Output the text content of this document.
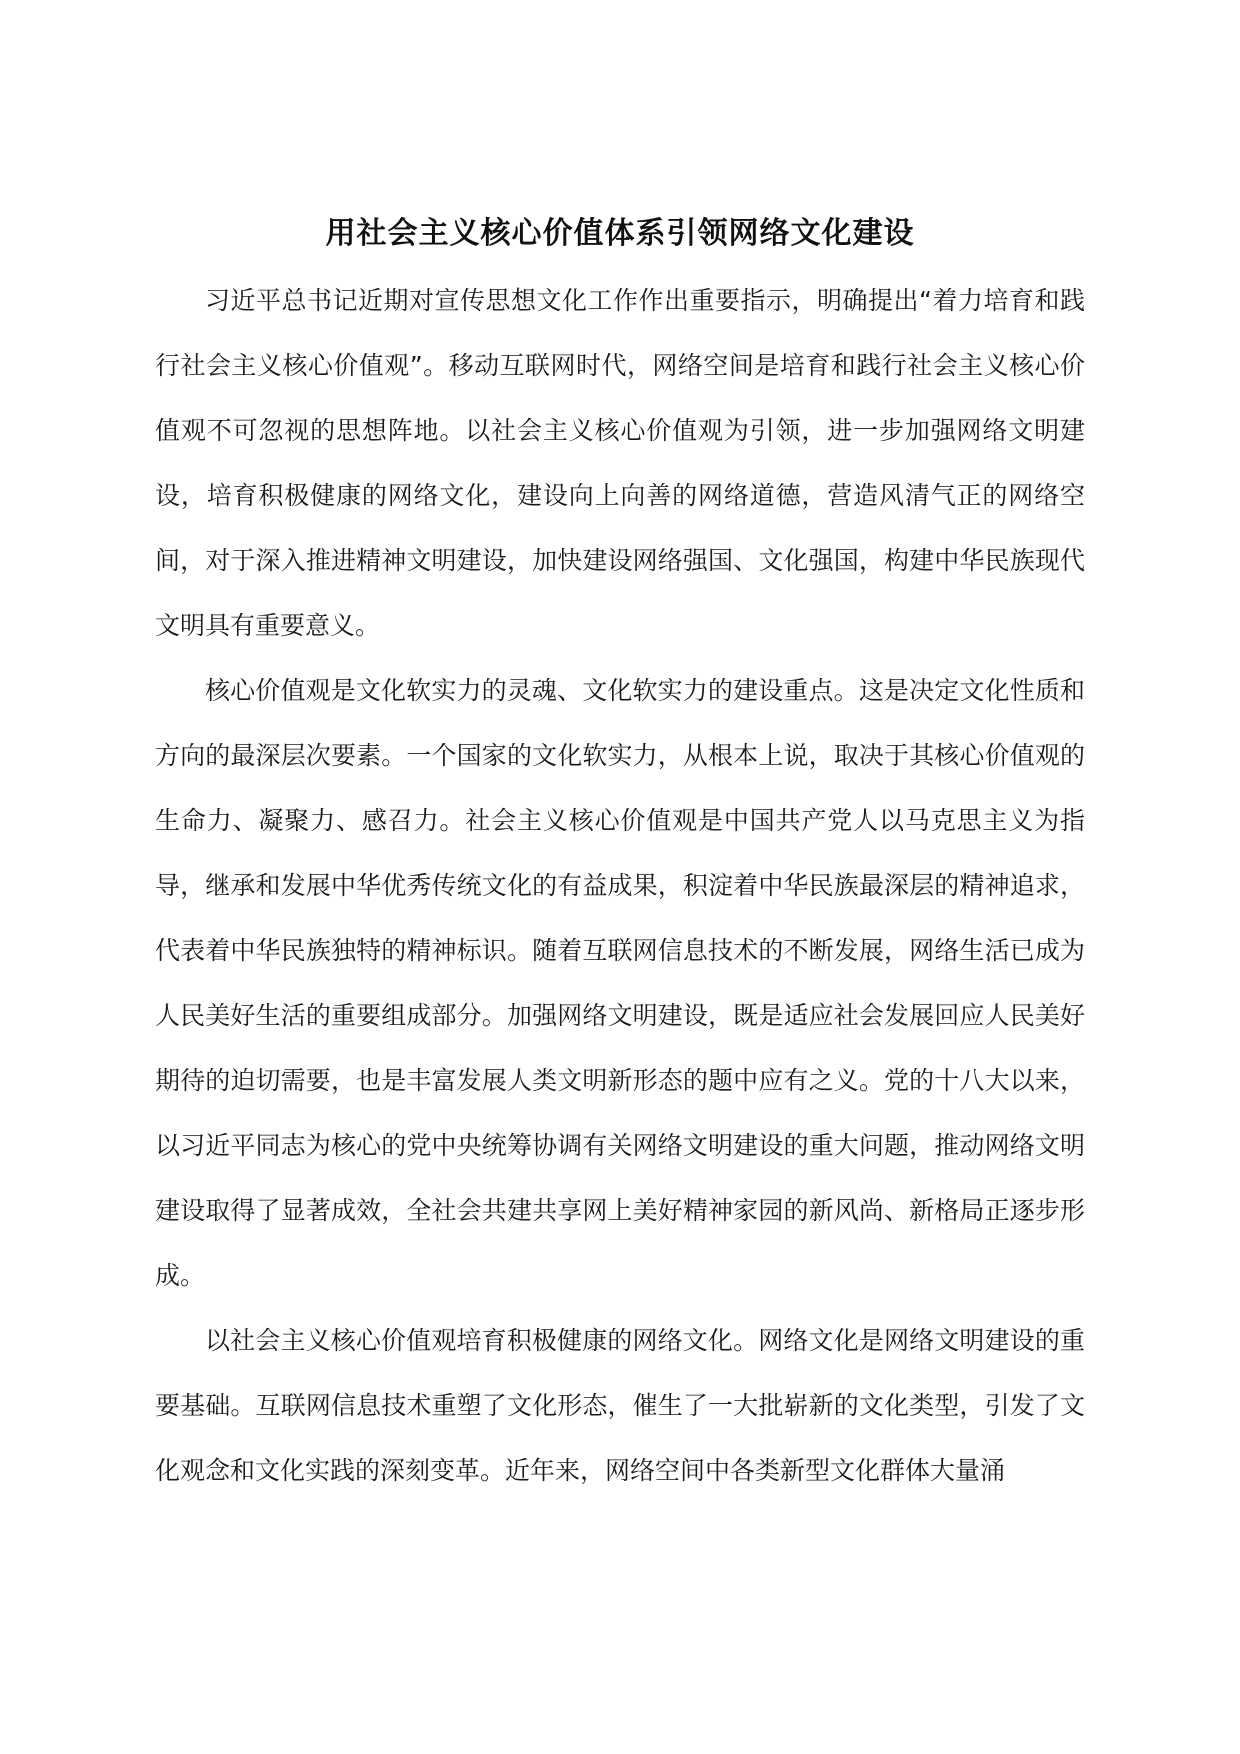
用社会主义核心价值体系引领网络文化建设

习近平总书记近期对宣传思想文化工作作出重要指示，明确提出“着力培育和践行社会主义核心价值观”。移动互联网时代，网络空间是培育和践行社会主义核心价值观不可忽视的思想阵地。以社会主义核心价值观为引领，进一步加强网络文明建设，培育积极健康的网络文化，建设向上向善的网络道德，营造风清气正的网络空间，对于深入推进精神文明建设，加快建设网络强国、文化强国，构建中华民族现代文明具有重要意义。

核心价值观是文化软实力的灵魂、文化软实力的建设重点。这是决定文化性质和方向的最深层次要素。一个国家的文化软实力，从根本上说，取决于其核心价值观的生命力、凝聚力、感召力。社会主义核心价值观是中国共产党人以马克思主义为指导，继承和发展中华优秀传统文化的有益成果，积淀着中华民族最深层的精神追求，代表着中华民族独特的精神标识。随着互联网信息技术的不断发展，网络生活已成为人民美好生活的重要组成部分。加强网络文明建设，既是适应社会发展回应人民美好期待的迫切需要，也是丰富发展人类文明新形态的题中应有之义。党的十八大以来，以习近平同志为核心的党中央统筹协调有关网络文明建设的重大问题，推动网络文明建设取得了显著成效，全社会共建共享网上美好精神家园的新风尚、新格局正逐步形成。

以社会主义核心价值观培育积极健康的网络文化。网络文化是网络文明建设的重要基础。互联网信息技术重塑了文化形态，催生了一大批崭新的文化类型，引发了文化观念和文化实践的深刻变革。近年来，网络空间中各类新型文化群体大量涌
